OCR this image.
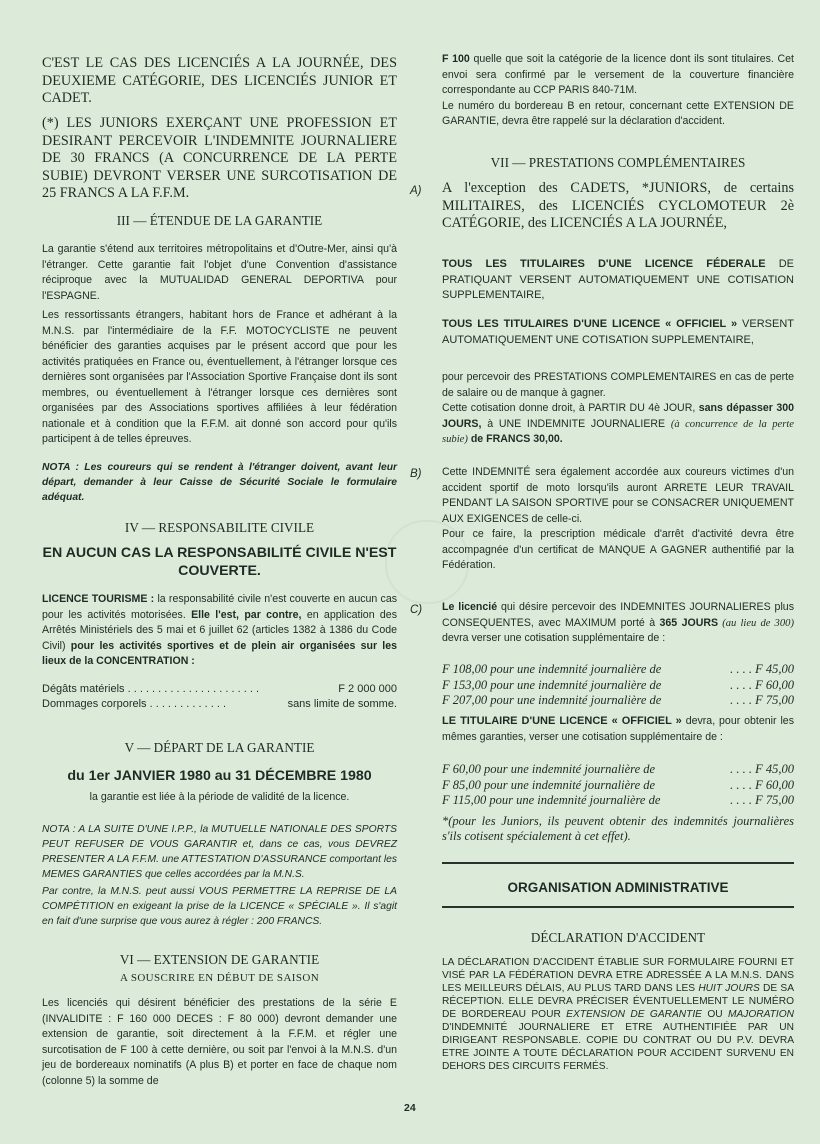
C'EST LE CAS DES LICENCIÉS A LA JOURNÉE, DES DEUXIEME CATÉGORIE, DES LICENCIÉS JUNIOR ET CADET.

(*) LES JUNIORS EXERÇANT UNE PROFESSION ET DESIRANT PERCEVOIR L'INDEMNITE JOURNALIERE DE 30 FRANCS (A CONCURRENCE DE LA PERTE SUBIE) DEVRONT VERSER UNE SURCOTISATION DE 25 FRANCS A LA F.F.M.

III — ÉTENDUE DE LA GARANTIE

La garantie s'étend aux territoires métropolitains et d'Outre-Mer, ainsi qu'à l'étranger. Cette garantie fait l'objet d'une Convention d'assistance réciproque avec la MUTUALIDAD GENERAL DEPORTIVA pour l'ESPAGNE.

Les ressortissants étrangers, habitant hors de France et adhérant à la M.N.S. par l'intermédiaire de la F.F. MOTOCYCLISTE ne peuvent bénéficier des garanties acquises par le présent accord que pour les activités pratiquées en France ou, éventuellement, à l'étranger lorsque ces dernières sont organisées par l'Association Sportive Française dont ils sont membres, ou éventuellement à l'étranger lorsque ces dernières sont organisées par des Associations sportives affiliées à leur fédération nationale et à condition que la F.F.M. ait donné son accord pour qu'ils participent à de telles épreuves.

NOTA : Les coureurs qui se rendent à l'étranger doivent, avant leur départ, demander à leur Caisse de Sécurité Sociale le formulaire adéquat.

IV — RESPONSABILITE CIVILE
EN AUCUN CAS LA RESPONSABILITÉ CIVILE N'EST COUVERTE.

LICENCE TOURISME : la responsabilité civile n'est couverte en aucun cas pour les activités motorisées. Elle l'est, par contre, en application des Arrêtés Ministériels des 5 mai et 6 juillet 62 (articles 1382 à 1386 du Code Civil) pour les activités sportives et de plein air organisées sur les lieux de la CONCENTRATION :

Dégâts matériels . . . . . . . . . . . . . . . . . . . . . .	F 2 000 000
Dommages corporels . . . . . . . . . . . . .	sans limite de somme.
V — DÉPART DE LA GARANTIE
du 1er JANVIER 1980 au 31 DÉCEMBRE 1980
la garantie est liée à la période de validité de la licence.

NOTA : A LA SUITE D'UNE I.P.P., la MUTUELLE NATIONALE DES SPORTS PEUT REFUSER DE VOUS GARANTIR et, dans ce cas, vous DEVREZ PRESENTER A LA F.F.M. une ATTESTATION D'ASSURANCE comportant les MEMES GARANTIES que celles accordées par la M.N.S.

Par contre, la M.N.S. peut aussi VOUS PERMETTRE LA REPRISE DE LA COMPÉTITION en exigeant la prise de la LICENCE « SPÉCIALE ». Il s'agit en fait d'une surprise que vous aurez à régler : 200 FRANCS.

VI — EXTENSION DE GARANTIE
A SOUSCRIRE EN DÉBUT DE SAISON

Les licenciés qui désirent bénéficier des prestations de la série E (INVALIDITE : F 160 000 DECES : F 80 000) devront demander une extension de garantie, soit directement à la F.F.M. et régler une surcotisation de F 100 à cette dernière, ou soit par l'envoi à la M.N.S. d'un jeu de bordereaux nominatifs (A plus B) et porter en face de chaque nom (colonne 5) la somme de

F 100 quelle que soit la catégorie de la licence dont ils sont titulaires. Cet envoi sera confirmé par le versement de la couverture financière correspondante au CCP PARIS 840-71M.
Le numéro du bordereau B en retour, concernant cette EXTENSION DE GARANTIE, devra être rappelé sur la déclaration d'accident.

VII — PRESTATIONS COMPLÉMENTAIRES
A) A l'exception des CADETS, *JUNIORS, de certains MILITAIRES, des LICENCIÉS CYCLOMOTEUR 2è CATÉGORIE, des LICENCIÉS A LA JOURNÉE,

TOUS LES TITULAIRES D'UNE LICENCE FÉDERALE DE PRATIQUANT VERSENT AUTOMATIQUEMENT UNE COTISATION SUPPLEMENTAIRE,

TOUS LES TITULAIRES D'UNE LICENCE « OFFICIEL » VERSENT AUTOMATIQUEMENT UNE COTISATION SUPPLEMENTAIRE,

pour percevoir des PRESTATIONS COMPLEMENTAIRES en cas de perte de salaire ou de manque à gagner.
Cette cotisation donne droit, à PARTIR DU 4è JOUR, sans dépasser 300 JOURS, à UNE INDEMNITE JOURNALIERE (à concurrence de la perte subie) de FRANCS 30,00.

B) Cette INDEMNITÉ sera également accordée aux coureurs victimes d'un accident sportif de moto lorsqu'ils auront ARRETE LEUR TRAVAIL PENDANT LA SAISON SPORTIVE pour se CONSACRER UNIQUEMENT AUX EXIGENCES de celle-ci.
Pour ce faire, la prescription médicale d'arrêt d'activité devra être accompagnée d'un certificat de MANQUE A GAGNER authentifié par la Fédération.

C) Le licencié qui désire percevoir des INDEMNITES JOURNALIERES plus CONSEQUENTES, avec MAXIMUM porté à 365 JOURS (au lieu de 300) devra verser une cotisation supplémentaire de :

F 108,00 pour une indemnité journalière de	. . . . F 45,00
F 153,00 pour une indemnité journalière de	. . . . F 60,00
F 207,00 pour une indemnité journalière de	. . . . F 75,00

LE TITULAIRE D'UNE LICENCE « OFFICIEL » devra, pour obtenir les mêmes garanties, verser une cotisation supplémentaire de :

F 60,00 pour une indemnité journalière de	. . . . F 45,00
F 85,00 pour une indemnité journalière de	. . . . F 60,00
F 115,00 pour une indemnité journalière de	. . . . F 75,00

*(pour les Juniors, ils peuvent obtenir des indemnités journalières s'ils cotisent spécialement à cet effet).

ORGANISATION ADMINISTRATIVE
DÉCLARATION D'ACCIDENT

LA DÉCLARATION D'ACCIDENT ÉTABLIE SUR FORMULAIRE FOURNI ET VISÉ PAR LA FÉDÉRATION DEVRA ETRE ADRESSÉE A LA M.N.S. DANS LES MEILLEURS DÉLAIS, AU PLUS TARD DANS LES HUIT JOURS DE SA RÉCEPTION. ELLE DEVRA PRÉCISER ÉVENTUELLEMENT LE NUMÉRO DE BORDEREAU POUR EXTENSION DE GARANTIE OU MAJORATION D'INDEMNITÉ JOURNALIERE ET ETRE AUTHENTIFIÉE PAR UN DIRIGEANT RESPONSABLE. COPIE DU CONTRAT OU DU P.V. DEVRA ETRE JOINTE A TOUTE DÉCLARATION POUR ACCIDENT SURVENU EN DEHORS DES CIRCUITS FERMÉS.

24
